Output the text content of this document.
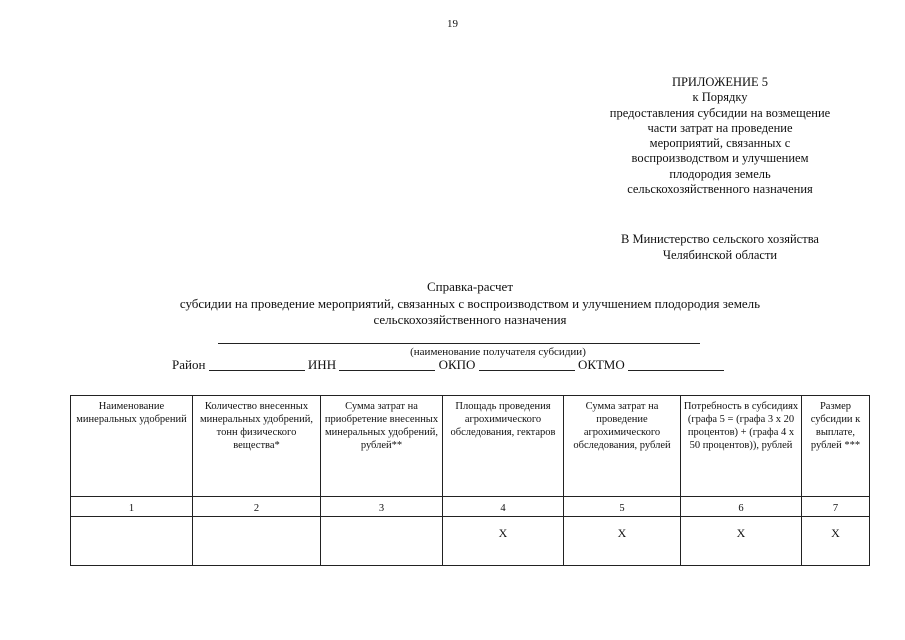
19
ПРИЛОЖЕНИЕ 5
к Порядку
предоставления субсидии на возмещение
части затрат на проведение
мероприятий, связанных с
воспроизводством и улучшением
плодородия земель
сельскохозяйственного назначения
В Министерство сельского хозяйства
Челябинской области
Справка-расчет
субсидии на проведение мероприятий, связанных с воспроизводством и улучшением плодородия земель
сельскохозяйственного назначения
(наименование получателя субсидии)
Район	ИНН	ОКПО	ОКТМО
Наименование минеральных удобрений	Количество внесенных минеральных удобрений, тонн физического вещества*	Сумма затрат на приобретение внесенных минеральных удобрений, рублей**	Площадь проведения агрохимического обследования, гектаров	Сумма затрат на проведение агрохимического обследования, рублей	Потребность в субсидиях (графа 5 = (графа 3 x 20 процентов) + (графа 4 x 50 процентов)), рублей	Размер субсидии к выплате, рублей ***
1	2	3	4	5	6	7
			X	X	X	X
